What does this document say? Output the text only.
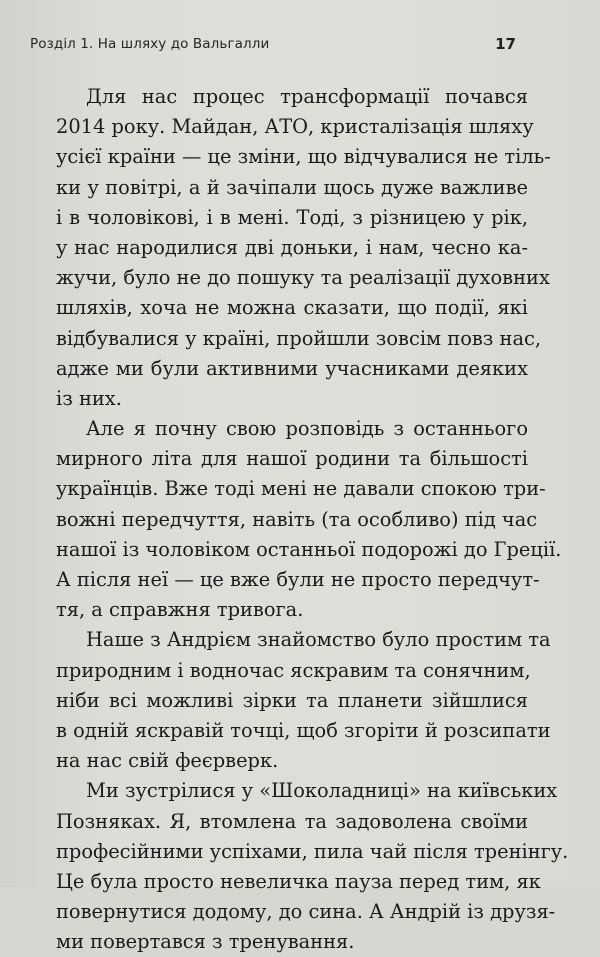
Розділ 1. На шляху до Вальгалли	17
Для нас процес трансформації почався
2014 року. Майдан, АТО, кристалізація шляху
усієї країни — це зміни, що відчувалися не тіль-
ки у повітрі, а й зачіпали щось дуже важливе
і в чоловікові, і в мені. Тоді, з різницею у рік,
у нас народилися дві доньки, і нам, чесно ка-
жучи, було не до пошуку та реалізації духовних
шляхів, хоча не можна сказати, що події, які
відбувалися у країні, пройшли зовсім повз нас,
адже ми були активними учасниками деяких
із них.
Але я почну свою розповідь з останнього
мирного літа для нашої родини та більшості
українців. Вже тоді мені не давали спокою три-
вожні передчуття, навіть (та особливо) під час
нашої із чоловіком останньої подорожі до Греції.
А після неї — це вже були не просто передчут-
тя, а справжня тривога.
Наше з Андрієм знайомство було простим та
природним і водночас яскравим та сонячним,
ніби всі можливі зірки та планети зійшлися
в одній яскравій точці, щоб згоріти й розсипати
на нас свій феєрверк.
Ми зустрілися у «Шоколадниці» на київських
Позняках. Я, втомлена та задоволена своїми
професійними успіхами, пила чай після тренінгу.
Це була просто невеличка пауза перед тим, як
повернутися додому, до сина. А Андрій із друзя-
ми повертався з тренування.
